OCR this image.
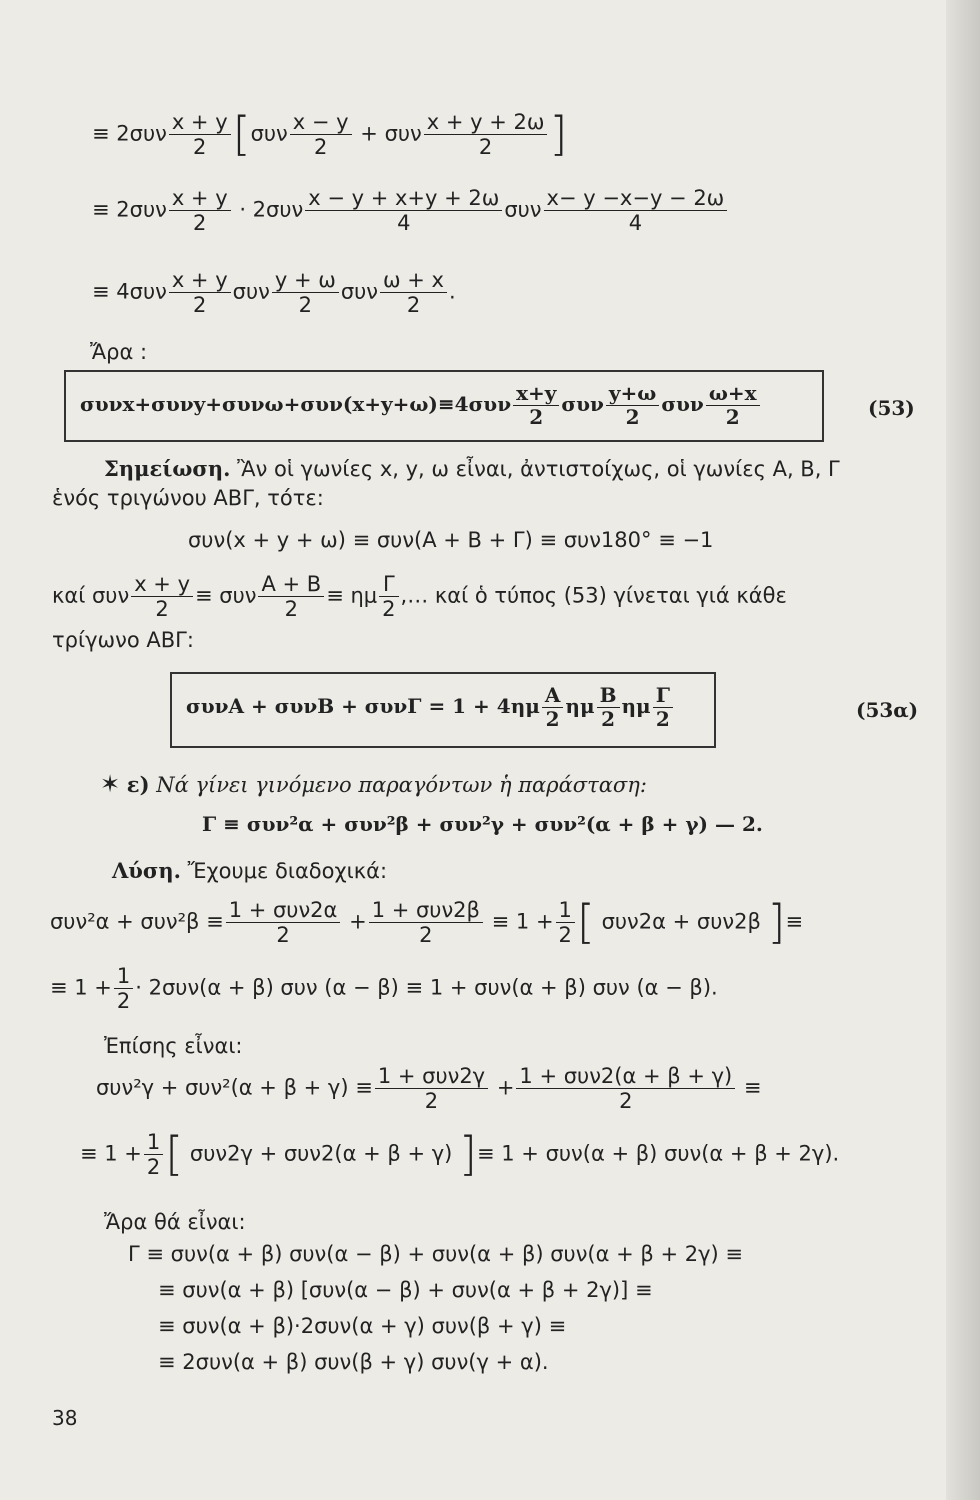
≡ $2\sigma\upsilon\nu \frac{x + y}{2} [\sigma\upsilon\nu \frac{x - y}{2} + \sigma\upsilon\nu \frac{x + y + 2\omega}{2}$ ]
≡ $2\sigma\upsilon\nu \frac{x + y}{2} \cdot 2\sigma\upsilon\nu \frac{x - y + x+y + 2\omega}{4}$ συν $\frac{x- y -x-y - 2\omega}{4}$
≡ $4\sigma\upsilon\nu \frac{x + y}{2}$ συν $\frac{y + \omega}{2}$ συν $\frac{\omega + x}{2}$ .
Ἄρα :
$\sigma\upsilon\nu x+\sigma\upsilon\nu y+\sigma\upsilon\nu\omega+\sigma\upsilon\nu(x+y+\omega)\equiv 4\sigma\upsilon\nu \frac{x+y}{2}$ συν $\frac{y+\omega}{2}$ συν $\frac{\omega+x}{2}$	(53)
Σημείωση. Ἂν οἱ γωνίες x, y, ω εἶναι, ἀντιστοίχως, οἱ γωνίες Α, Β, Γ
ἑνός τριγώνου ΑΒΓ, τότε:
συν(x + y + ω) ≡ συν(Α + Β + Γ) ≡ συν180° ≡ −1
καί συν $\frac{x + y}{2} \equiv \sigma\upsilon\nu \frac{A + B}{2} \equiv \eta\mu \frac{\Gamma}{2}$ ,… καί ὁ τύπος (53) γίνεται γιά κάθε
τρίγωνο ΑΒΓ:
$\sigma\upsilon\nu A + \sigma\upsilon\nu B + \sigma\upsilon\nu\Gamma = 1 + 4\eta\mu \frac{A}{2}$ ημ $\frac{B}{2}$ ημ $\frac{\Gamma}{2}$	(53α)
✶ ε) Νά γίνει γινόμενο παραγόντων ἡ παράσταση:
Γ ≡ συν²α + συν²β + συν²γ + συν²(α + β + γ) — 2.
Λύση. Ἔχουμε διαδοχικά:
$\sigma\upsilon\nu^2\alpha + \sigma\upsilon\nu^2\beta \equiv \frac{\text{1 + συν2α}}{2} + \frac{\text{1 + συν2β}}{2} \equiv 1 + \frac{1}{2}$ [ συν2α + συν2β ]≡
≡ $1 + \frac{1}{2} \cdot 2\sigma\upsilon\nu(\alpha + \beta)$ συν (α − β) ≡ 1 + συν(α + β) συν (α − β).
Ἐπίσης εἶναι:
$\sigma\upsilon\nu^2\gamma + \sigma\upsilon\nu^2(\alpha + \beta + \gamma) \equiv \frac{\text{1 + συν2γ}}{2} + \frac{\text{1 + συν2(α + β + γ)}}{2}$ ≡
≡ $1 + \frac{1}{2}$ [ συν2γ + συν2(α + β + γ) ]≡ 1 + συν(α + β) συν(α + β + 2γ).
Ἄρα θά εἶναι:
Γ ≡ συν(α + β) συν(α − β) + συν(α + β) συν(α + β + 2γ) ≡
≡ συν(α + β) [συν(α − β) + συν(α + β + 2γ)] ≡
≡ συν(α + β)·2συν(α + γ) συν(β + γ) ≡
≡ 2συν(α + β) συν(β + γ) συν(γ + α).
38
